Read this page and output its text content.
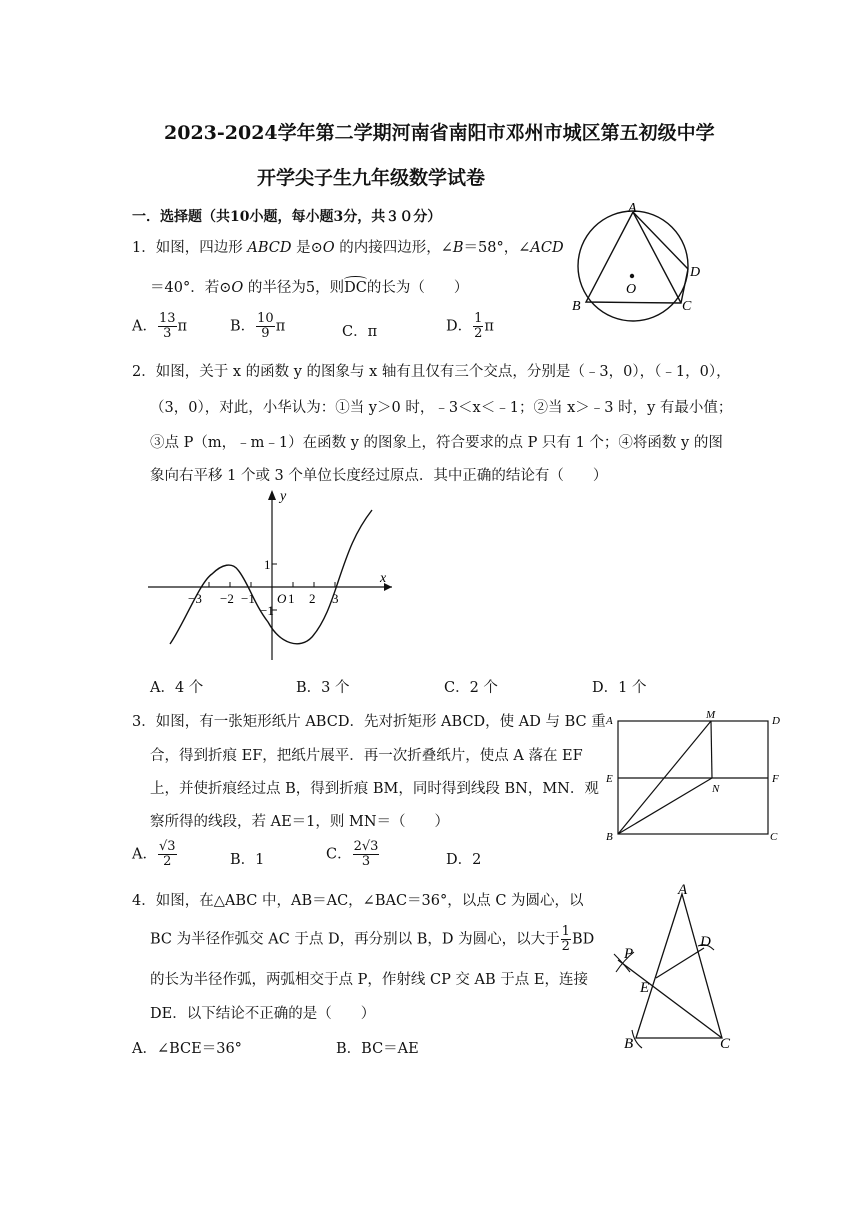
2023-2024学年第二学期河南省南阳市邓州市城区第五初级中学
开学尖子生九年级数学试卷
一．选择题（共10小题，每小题3分，共３０分）
1．如图，四边形 ABCD 是⊙O 的内接四边形，∠B＝58°，∠ACD
＝40°．若⊙O 的半径为5，则DC的长为（　　）
A． $\frac{13}{3}$ π	B． $\frac{10}{9}$ π	C．π	D． $\frac{1}{2}$ π
A
B	C
D
O
2．如图，关于 x 的函数 y 的图象与 x 轴有且仅有三个交点，分别是（﹣3，0），（﹣1，0），
（3，0），对此，小华认为：①当 y＞0 时，﹣3＜x＜﹣1；②当 x＞﹣3 时，y 有最小值；
③点 P（m，﹣m﹣1）在函数 y 的图象上，符合要求的点 P 只有 1 个；④将函数 y 的图
象向右平移 1 个或 3 个单位长度经过原点．其中正确的结论有（　　）
x
y
1
−1
O 1 2 3
−3 −2 −1
A．4 个	B．3 个	C．2 个	D．1 个
3．如图，有一张矩形纸片 ABCD．先对折矩形 ABCD，使 AD 与 BC 重
合，得到折痕 EF，把纸片展平．再一次折叠纸片，使点 A 落在 EF
上，并使折痕经过点 B，得到折痕 BM，同时得到线段 BN，MN．观
察所得的线段，若 AE＝1，则 MN＝（　　）
A． $\frac{√3}{2}$	B．1	C． $\frac{2√3}{3}$	D．2
A	M	D
E	F
N
B	C
4．如图，在△ABC 中，AB＝AC，∠BAC＝36°，以点 C 为圆心，以
BC 为半径作弧交 AC 于点 D，再分别以 B，D 为圆心，以大于 $\frac{1}{2}$ BD
的长为半径作弧，两弧相交于点 P，作射线 CP 交 AB 于点 E，连接
DE．以下结论不正确的是（　　）
A．∠BCE＝36°	B．BC＝AE
A
P
D
E
B	C
